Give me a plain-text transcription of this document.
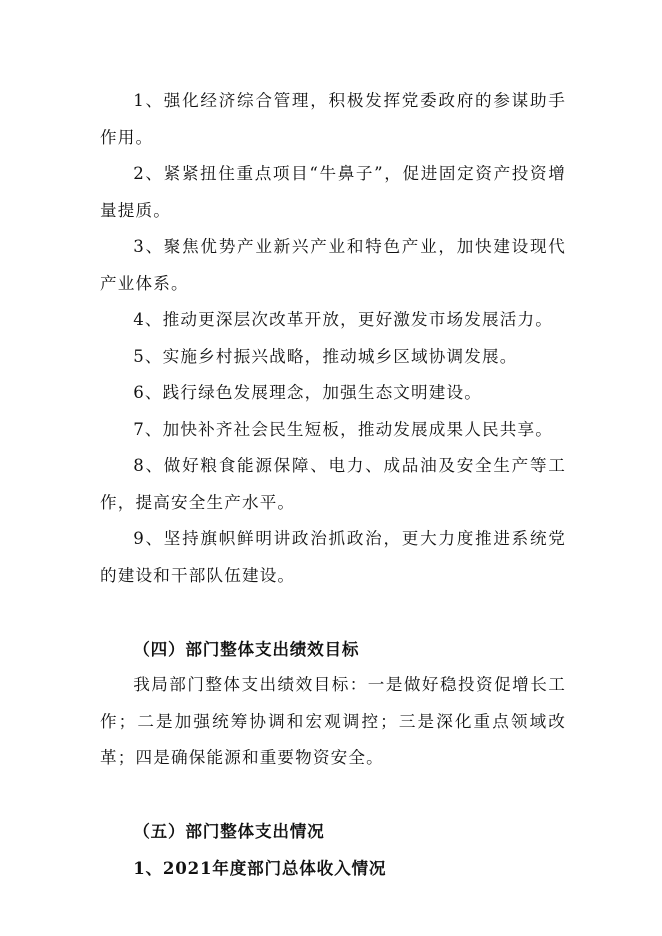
1、强化经济综合管理，积极发挥党委政府的参谋助手作用。

2、紧紧扭住重点项目“牛鼻子”，促进固定资产投资增量提质。

3、聚焦优势产业新兴产业和特色产业，加快建设现代产业体系。

4、推动更深层次改革开放，更好激发市场发展活力。

5、实施乡村振兴战略，推动城乡区域协调发展。

6、践行绿色发展理念，加强生态文明建设。

7、加快补齐社会民生短板，推动发展成果人民共享。

8、做好粮食能源保障、电力、成品油及安全生产等工作，提高安全生产水平。

9、坚持旗帜鲜明讲政治抓政治，更大力度推进系统党的建设和干部队伍建设。

（四）部门整体支出绩效目标

我局部门整体支出绩效目标：一是做好稳投资促增长工作；二是加强统筹协调和宏观调控；三是深化重点领域改革；四是确保能源和重要物资安全。

（五）部门整体支出情况

1、2021年度部门总体收入情况
